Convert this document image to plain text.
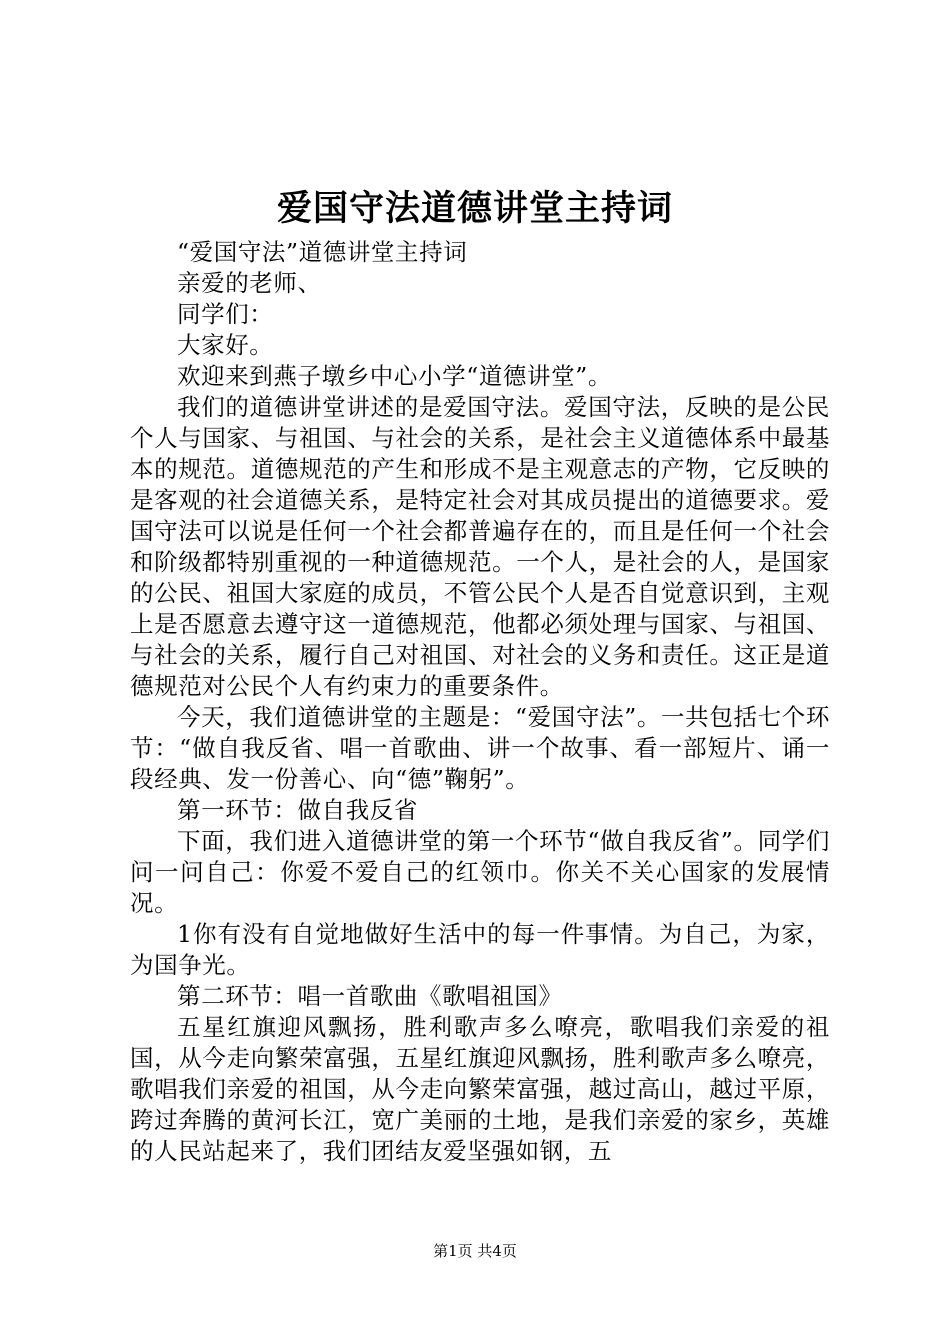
爱国守法道德讲堂主持词

“爱国守法”道德讲堂主持词

亲爱的老师、

同学们：

大家好。

欢迎来到燕子墩乡中心小学“道德讲堂”。

我们的道德讲堂讲述的是爱国守法。爱国守法，反映的是公民个人与国家、与祖国、与社会的关系，是社会主义道德体系中最基本的规范。道德规范的产生和形成不是主观意志的产物，它反映的是客观的社会道德关系，是特定社会对其成员提出的道德要求。爱国守法可以说是任何一个社会都普遍存在的，而且是任何一个社会和阶级都特别重视的一种道德规范。一个人，是社会的人，是国家的公民、祖国大家庭的成员，不管公民个人是否自觉意识到，主观上是否愿意去遵守这一道德规范，他都必须处理与国家、与祖国、与社会的关系，履行自己对祖国、对社会的义务和责任。这正是道德规范对公民个人有约束力的重要条件。

今天，我们道德讲堂的主题是：“爱国守法”。一共包括七个环节：“做自我反省、唱一首歌曲、讲一个故事、看一部短片、诵一段经典、发一份善心、向“德”鞠躬”。

第一环节：做自我反省

下面，我们进入道德讲堂的第一个环节“做自我反省”。同学们问一问自己：你爱不爱自己的红领巾。你关不关心国家的发展情况。

1你有没有自觉地做好生活中的每一件事情。为自己，为家，为国争光。

第二环节：唱一首歌曲《歌唱祖国》

五星红旗迎风飘扬，胜利歌声多么嘹亮，歌唱我们亲爱的祖国，从今走向繁荣富强，五星红旗迎风飘扬，胜利歌声多么嘹亮，歌唱我们亲爱的祖国，从今走向繁荣富强，越过高山，越过平原，跨过奔腾的黄河长江，宽广美丽的土地，是我们亲爱的家乡，英雄的人民站起来了，我们团结友爱坚强如钢，五

第1页 共4页
